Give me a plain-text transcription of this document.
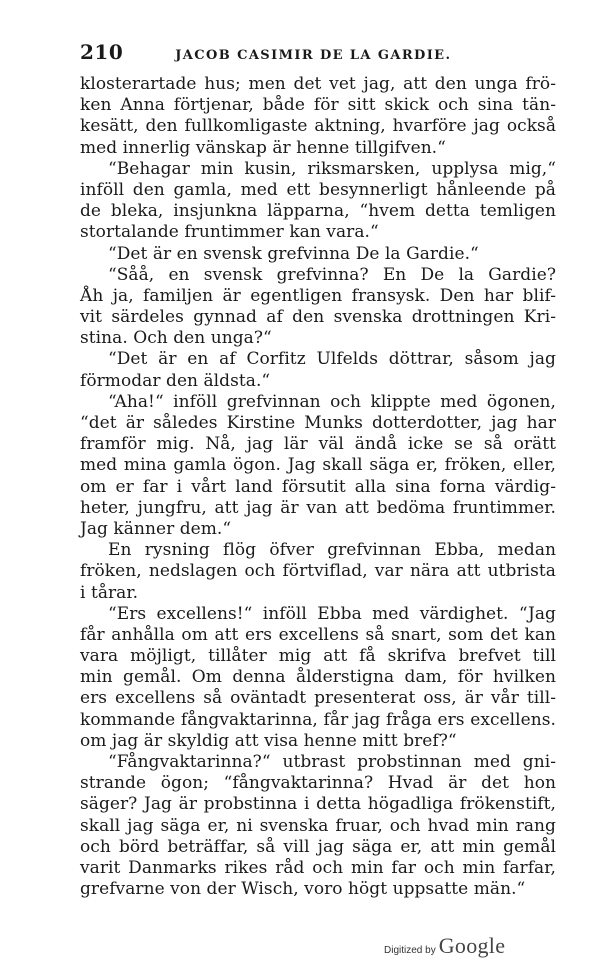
210	JACOB CASIMIR DE LA GARDIE.
klosterartade hus; men det vet jag, att den unga frö-
ken Anna förtjenar, både för sitt skick och sina tän-
kesätt, den fullkomligaste aktning, hvarföre jag också
med innerlig vänskap är henne tillgifven.“
“Behagar min kusin, riksmarsken, upplysa mig,“
inföll den gamla, med ett besynnerligt hånleende på
de bleka, insjunkna läpparna, “hvem detta temligen
stortalande fruntimmer kan vara.“
“Det är en svensk grefvinna De la Gardie.“
“Såå, en svensk grefvinna? En De la Gardie?
Åh ja, familjen är egentligen fransysk. Den har blif-
vit särdeles gynnad af den svenska drottningen Kri-
stina. Och den unga?“
“Det är en af Corfitz Ulfelds döttrar, såsom jag
förmodar den äldsta.“
“Aha!“ inföll grefvinnan och klippte med ögonen,
“det är således Kirstine Munks dotterdotter, jag har
framför mig. Nå, jag lär väl ändå icke se så orätt
med mina gamla ögon. Jag skall säga er, fröken, eller,
om er far i vårt land försutit alla sina forna värdig-
heter, jungfru, att jag är van att bedöma fruntimmer.
Jag känner dem.“
En rysning flög öfver grefvinnan Ebba, medan
fröken, nedslagen och förtviflad, var nära att utbrista
i tårar.
“Ers excellens!“ inföll Ebba med värdighet. “Jag
får anhålla om att ers excellens så snart, som det kan
vara möjligt, tillåter mig att få skrifva brefvet till
min gemål. Om denna ålderstigna dam, för hvilken
ers excellens så oväntadt presenterat oss, är vår till-
kommande fångvaktarinna, får jag fråga ers excellens.
om jag är skyldig att visa henne mitt bref?“
“Fångvaktarinna?“ utbrast probstinnan med gni-
strande ögon; “fångvaktarinna? Hvad är det hon
säger? Jag är probstinna i detta högadliga frökenstift,
skall jag säga er, ni svenska fruar, och hvad min rang
och börd beträffar, så vill jag säga er, att min gemål
varit Danmarks rikes råd och min far och min farfar,
grefvarne von der Wisch, voro högt uppsatte män.“
Digitized by Google
